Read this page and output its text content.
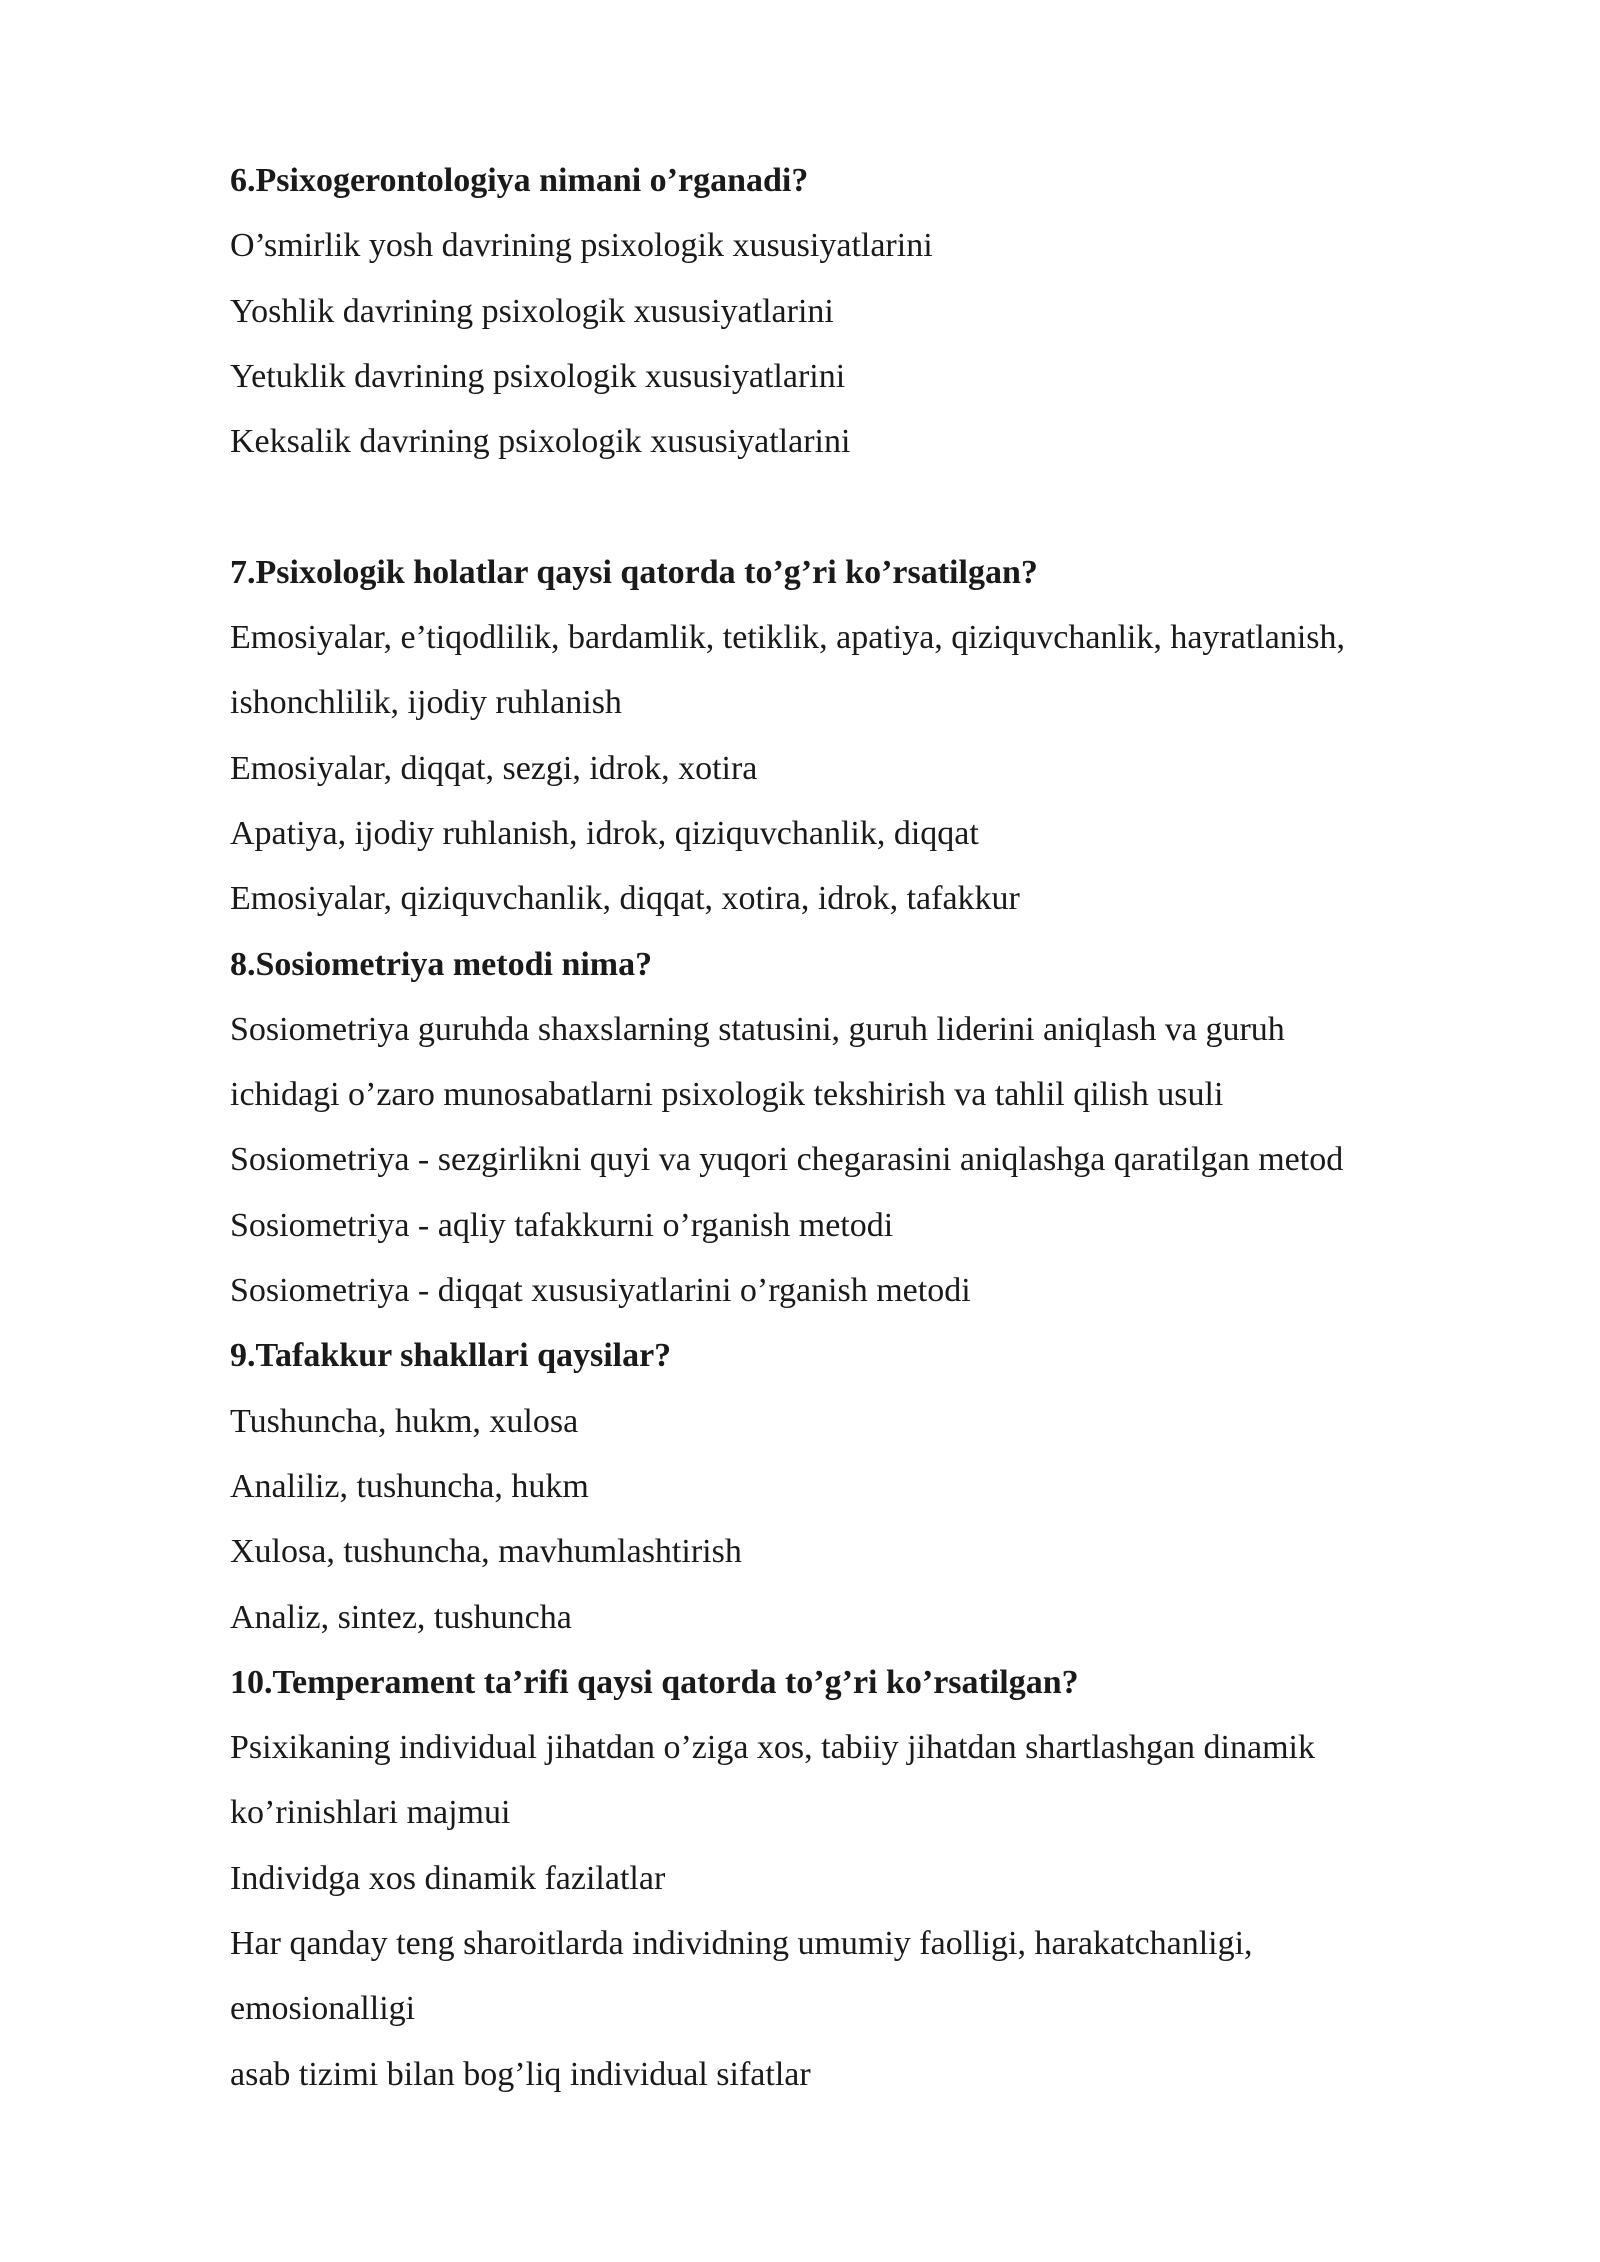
6.Psixogerontologiya nimani o’rganadi?
O’smirlik yosh davrining psixologik xususiyatlarini
Yoshlik davrining psixologik xususiyatlarini
Yetuklik davrining psixologik xususiyatlarini
Keksalik davrining psixologik xususiyatlarini
7.Psixologik holatlar qaysi qatorda to’g’ri ko’rsatilgan?
Emosiyalar, e’tiqodlilik, bardamlik, tetiklik, apatiya, qiziquvchanlik, hayratlanish,
ishonchlilik, ijodiy ruhlanish
Emosiyalar, diqqat, sezgi, idrok, xotira
Apatiya, ijodiy ruhlanish, idrok, qiziquvchanlik, diqqat
Emosiyalar, qiziquvchanlik, diqqat, xotira, idrok, tafakkur
8.Sosiometriya metodi nima?
Sosiometriya guruhda shaxslarning statusini, guruh liderini aniqlash va guruh
ichidagi o’zaro munosabatlarni psixologik tekshirish va tahlil qilish usuli
Sosiometriya - sezgirlikni quyi va yuqori chegarasini aniqlashga qaratilgan metod
Sosiometriya - aqliy tafakkurni o’rganish metodi
Sosiometriya - diqqat xususiyatlarini o’rganish metodi
9.Tafakkur shakllari qaysilar?
Tushuncha, hukm, xulosa
Analiliz, tushuncha, hukm
Xulosa, tushuncha, mavhumlashtirish
Analiz, sintez, tushuncha
10.Temperament ta’rifi qaysi qatorda to’g’ri ko’rsatilgan?
Psixikaning individual jihatdan o’ziga xos, tabiiy jihatdan shartlashgan dinamik
ko’rinishlari majmui
Individga xos dinamik fazilatlar
Har qanday teng sharoitlarda individning umumiy faolligi, harakatchanligi,
emosionalligi
asab tizimi bilan bog’liq individual sifatlar
